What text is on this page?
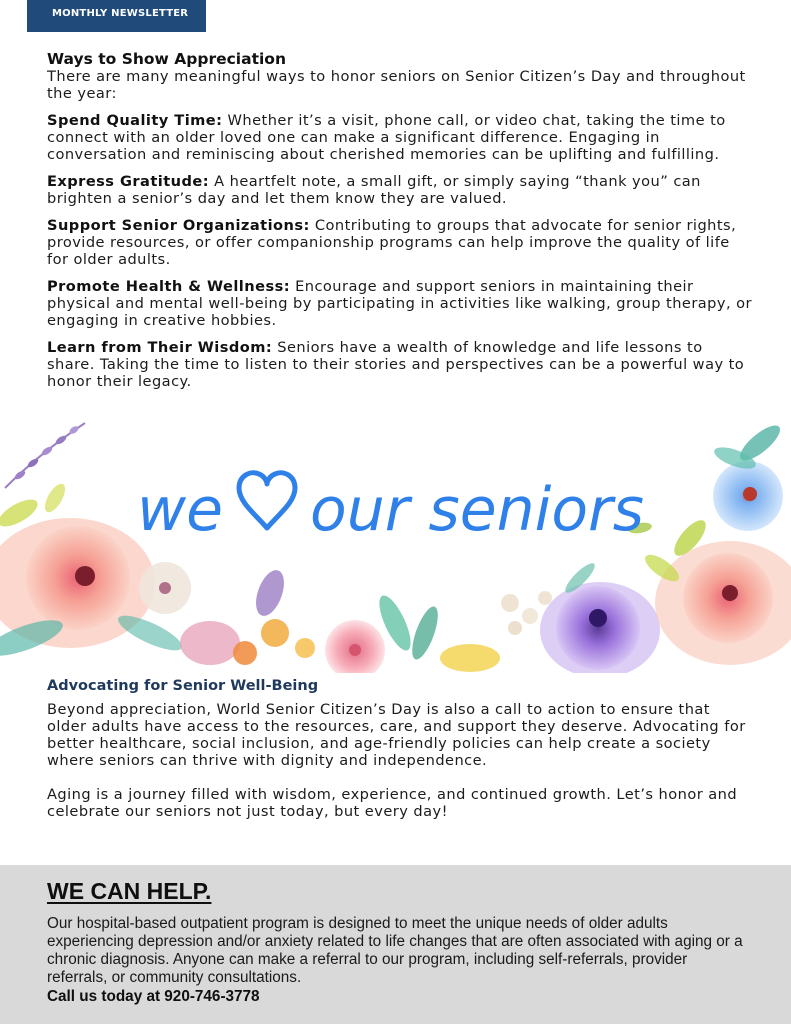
MONTHLY NEWSLETTER
Ways to Show Appreciation
There are many meaningful ways to honor seniors on Senior Citizen’s Day and throughout the year:
Spend Quality Time: Whether it’s a visit, phone call, or video chat, taking the time to connect with an older loved one can make a significant difference. Engaging in conversation and reminiscing about cherished memories can be uplifting and fulfilling.
Express Gratitude: A heartfelt note, a small gift, or simply saying “thank you” can brighten a senior’s day and let them know they are valued.
Support Senior Organizations: Contributing to groups that advocate for senior rights, provide resources, or offer companionship programs can help improve the quality of life for older adults.
Promote Health & Wellness: Encourage and support seniors in maintaining their physical and mental well-being by participating in activities like walking, group therapy, or engaging in creative hobbies.
Learn from Their Wisdom: Seniors have a wealth of knowledge and life lessons to share. Taking the time to listen to their stories and perspectives can be a powerful way to honor their legacy.
we our seniors
Advocating for Senior Well-Being
Beyond appreciation, World Senior Citizen’s Day is also a call to action to ensure that older adults have access to the resources, care, and support they deserve. Advocating for better healthcare, social inclusion, and age-friendly policies can help create a society where seniors can thrive with dignity and independence.
Aging is a journey filled with wisdom, experience, and continued growth. Let’s honor and celebrate our seniors not just today, but every day!
WE CAN HELP.
Our hospital-based outpatient program is designed to meet the unique needs of older adults experiencing depression and/or anxiety related to life changes that are often associated with aging or a chronic diagnosis. Anyone can make a referral to our program, including self-referrals, provider referrals, or community consultations.
Call us today at 920-746-3778
